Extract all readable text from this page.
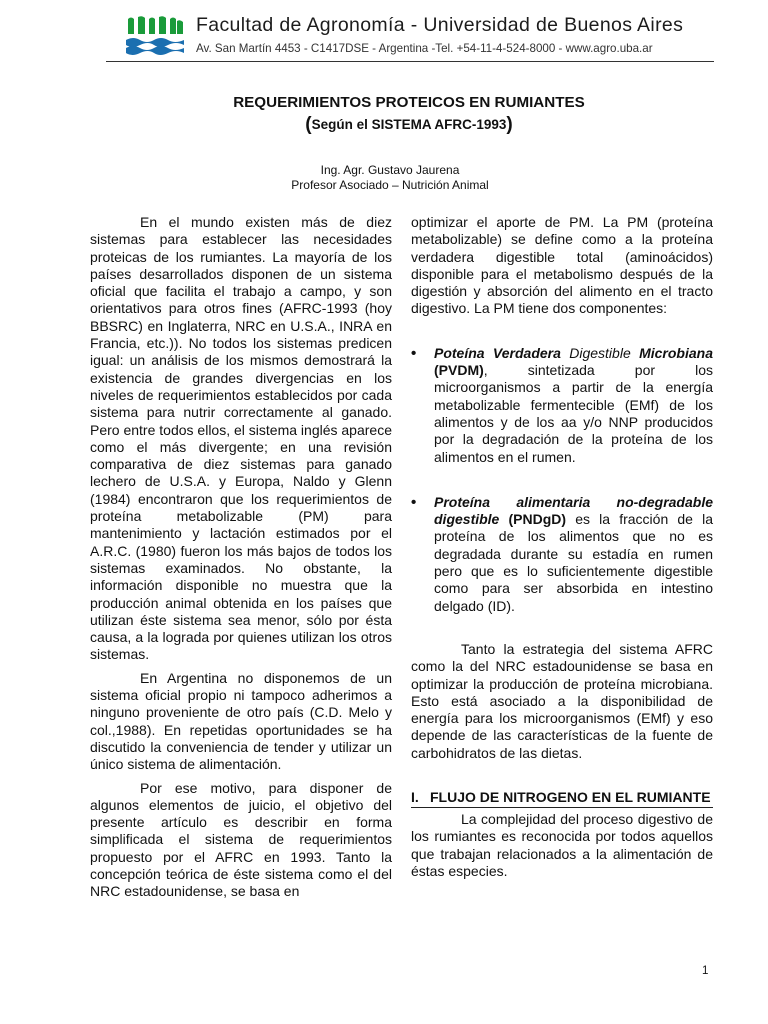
Facultad de Agronomía - Universidad de Buenos Aires
Av. San Martín 4453 - C1417DSE - Argentina -Tel. +54-11-4-524-8000 - www.agro.uba.ar
REQUERIMIENTOS PROTEICOS EN RUMIANTES
(Según el SISTEMA AFRC-1993)
Ing. Agr. Gustavo Jaurena
Profesor Asociado – Nutrición Animal

En el mundo existen más de diez sistemas para establecer las necesidades proteicas de los rumiantes. La mayoría de los países desarrollados disponen de un sistema oficial que facilita el trabajo a campo, y son orientativos para otros fines (AFRC-1993 (hoy BBSRC) en Inglaterra, NRC en U.S.A., INRA en Francia, etc.)). No todos los sistemas predicen igual: un análisis de los mismos demostrará la existencia de grandes divergencias en los niveles de requerimientos establecidos por cada sistema para nutrir correctamente al ganado. Pero entre todos ellos, el sistema inglés aparece como el más divergente; en una revisión comparativa de diez sistemas para ganado lechero de U.S.A. y Europa, Naldo y Glenn (1984) encontraron que los requerimientos de proteína metabolizable (PM) para mantenimiento y lactación estimados por el A.R.C. (1980) fueron los más bajos de todos los sistemas examinados. No obstante, la información disponible no muestra que la producción animal obtenida en los países que utilizan éste sistema sea menor, sólo por ésta causa, a la lograda por quienes utilizan los otros sistemas.

En Argentina no disponemos de un sistema oficial propio ni tampoco adherimos a ninguno proveniente de otro país (C.D. Melo y col.,1988). En repetidas oportunidades se ha discutido la conveniencia de tender y utilizar un único sistema de alimentación.

Por ese motivo, para disponer de algunos elementos de juicio, el objetivo del presente artículo es describir en forma simplificada el sistema de requerimientos propuesto por el AFRC en 1993. Tanto la concepción teórica de éste sistema como el del NRC estadounidense, se basa en

optimizar el aporte de PM. La PM (proteína metabolizable) se define como a la proteína verdadera digestible total (aminoácidos) disponible para el metabolismo después de la digestión y absorción del alimento en el tracto digestivo. La PM tiene dos componentes:

• Poteína Verdadera Digestible Microbiana (PVDM), sintetizada por los microorganismos a partir de la energía metabolizable fermentecible (EMf) de los alimentos y de los aa y/o NNP producidos por la degradación de la proteína de los alimentos en el rumen.
• Proteína alimentaria no-degradable digestible (PNDgD) es la fracción de la proteína de los alimentos que no es degradada durante su estadía en rumen pero que es lo suficientemente digestible como para ser absorbida en intestino delgado (ID).

Tanto la estrategia del sistema AFRC como la del NRC estadounidense se basa en optimizar la producción de proteína microbiana. Esto está asociado a la disponibilidad de energía para los microorganismos (EMf) y eso depende de las características de la fuente de carbohidratos de las dietas.

I. FLUJO DE NITROGENO EN EL RUMIANTE

La complejidad del proceso digestivo de los rumiantes es reconocida por todos aquellos que trabajan relacionados a la alimentación de éstas especies.

1
